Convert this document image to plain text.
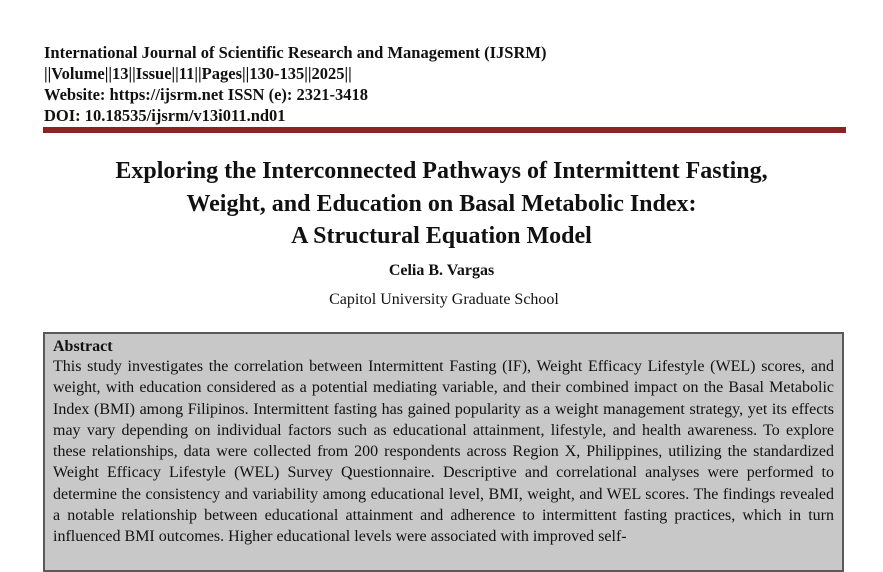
International Journal of Scientific Research and Management (IJSRM)
||Volume||13||Issue||11||Pages||130-135||2025||
Website: https://ijsrm.net ISSN (e): 2321-3418
DOI: 10.18535/ijsrm/v13i011.nd01
Exploring the Interconnected Pathways of Intermittent Fasting,
Weight, and Education on Basal Metabolic Index:
A Structural Equation Model
Celia B. Vargas
Capitol University Graduate School
Abstract
This study investigates the correlation between Intermittent Fasting (IF), Weight Efficacy Lifestyle (WEL) scores, and weight, with education considered as a potential mediating variable, and their combined impact on the Basal Metabolic Index (BMI) among Filipinos. Intermittent fasting has gained popularity as a weight management strategy, yet its effects may vary depending on individual factors such as educational attainment, lifestyle, and health awareness. To explore these relationships, data were collected from 200 respondents across Region X, Philippines, utilizing the standardized Weight Efficacy Lifestyle (WEL) Survey Questionnaire. Descriptive and correlational analyses were performed to determine the consistency and variability among educational level, BMI, weight, and WEL scores. The findings revealed a notable relationship between educational attainment and adherence to intermittent fasting practices, which in turn influenced BMI outcomes. Higher educational levels were associated with improved self-
